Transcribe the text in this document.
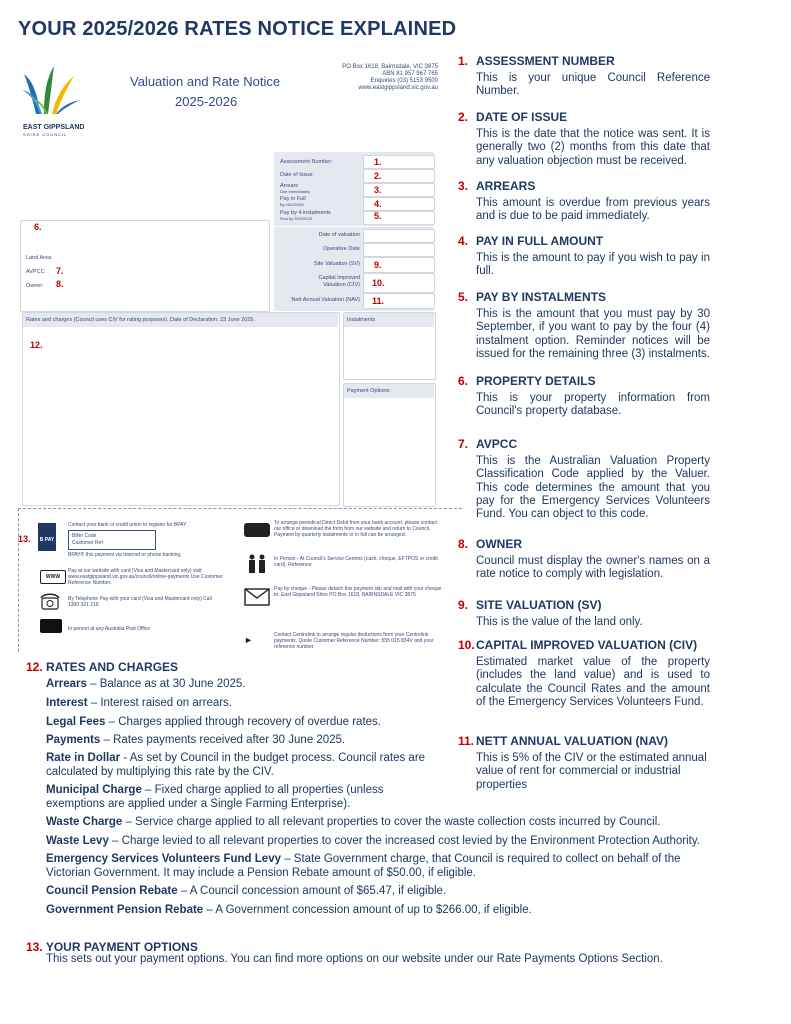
YOUR 2025/2026 RATES NOTICE EXPLAINED
EAST GIPPSLAND
SHIRE COUNCIL
Valuation and Rate Notice
2025-2026
PO Box 1618, Bairnsdale, VIC 3875
ABN 81 957 967 765
Enquiries (03) 5153 9500
www.eastgippsland.vic.gov.au
Assessment Number:
Date of Issue:
Arrears
Due Immediately
Pay in Full
By 15/2/2026
Pay by 4 instalments
First by 30/9/2025
1.
2.
3.
4.
5.
6.
Land Area:
AVPCC 7.
Owner: 8.
Date of valuation
Operative Date
Site Valuation (SV)
Capital Improved
Valuation (CIV)
Nett Annual Valuation (NAV)
9.
10.
11.
Rates and charges (Council uses CIV for rating purposes). Date of Declaration: 23 June 2025.
12.
Instalments
Payment Options:
13.	B PAY
Contact your bank or credit union to register for BPAY
Biller Code
Customer Ref
BPAY® this payment via Internet or phone banking.
WWW
Pay at our website with card (Visa and Mastercard only) visit www.eastgippsland.vic.gov.au/council/online-payments Use Customer Reference Number.
By Telephone Pay with your card (Visa and Mastercard only) Call 1300 321 219
In person at any Australia Post Office
To arrange periodical Direct Debit from your bank account, please contact our office or download the form from our website and return to Council. Payment by quarterly instalments or in full can be arranged.
In Person - At Council's Service Centres (cash, cheque, EFTPOS or credit card). Reference:
Pay by cheque - Please detach this payment slip and mail with your cheque to: East Gippsland Shire PO Box 1618, BAIRNSDALE VIC 3875
►	Contact Centrelink to arrange regular deductions from your Centrelink payments. Quote Customer Reference Number: 555 015 834V and your reference number.
1. ASSESSMENT NUMBER
This is your unique Council Reference Number.
2. DATE OF ISSUE
This is the date that the notice was sent. It is generally two (2) months from this date that any valuation objection must be received.
3. ARREARS
This amount is overdue from previous years and is due to be paid immediately.
4. PAY IN FULL AMOUNT
This is the amount to pay if you wish to pay in full.
5. PAY BY INSTALMENTS
This is the amount that you must pay by 30 September, if you want to pay by the four (4) instalment option. Reminder notices will be issued for the remaining three (3) instalments.
6. PROPERTY DETAILS
This is your property information from Council's property database.
7. AVPCC
This is the Australian Valuation Property Classification Code applied by the Valuer. This code determines the amount that you pay for the Emergency Services Volunteers Fund. You can object to this code.
8. OWNER
Council must display the owner's names on a rate notice to comply with legislation.
9. SITE VALUATION (SV)
This is the value of the land only.
10.CAPITAL IMPROVED VALUATION (CIV)
Estimated market value of the property (includes the land value) and is used to calculate the Council Rates and the amount of the Emergency Services Volunteers Fund.
11. NETT ANNUAL VALUATION (NAV)
This is 5% of the CIV or the estimated annual value of rent for commercial or industrial properties
12. RATES AND CHARGES
Arrears – Balance as at 30 June 2025.
Interest – Interest raised on arrears.
Legal Fees – Charges applied through recovery of overdue rates.
Payments – Rates payments received after 30 June 2025.
Rate in Dollar - As set by Council in the budget process. Council rates are calculated by multiplying this rate by the CIV.
Municipal Charge – Fixed charge applied to all properties (unless exemptions are applied under a Single Farming Enterprise).
Waste Charge – Service charge applied to all relevant properties to cover the waste collection costs incurred by Council.
Waste Levy – Charge levied to all relevant properties to cover the increased cost levied by the Environment Protection Authority.
Emergency Services Volunteers Fund Levy – State Government charge, that Council is required to collect on behalf of the Victorian Government. It may include a Pension Rebate amount of $50.00, if eligible.
Council Pension Rebate – A Council concession amount of $65.47, if eligible.
Government Pension Rebate – A Government concession amount of up to $266.00, if eligible.
13. YOUR PAYMENT OPTIONS
This sets out your payment options. You can find more options on our website under our Rate Payments Options Section.
